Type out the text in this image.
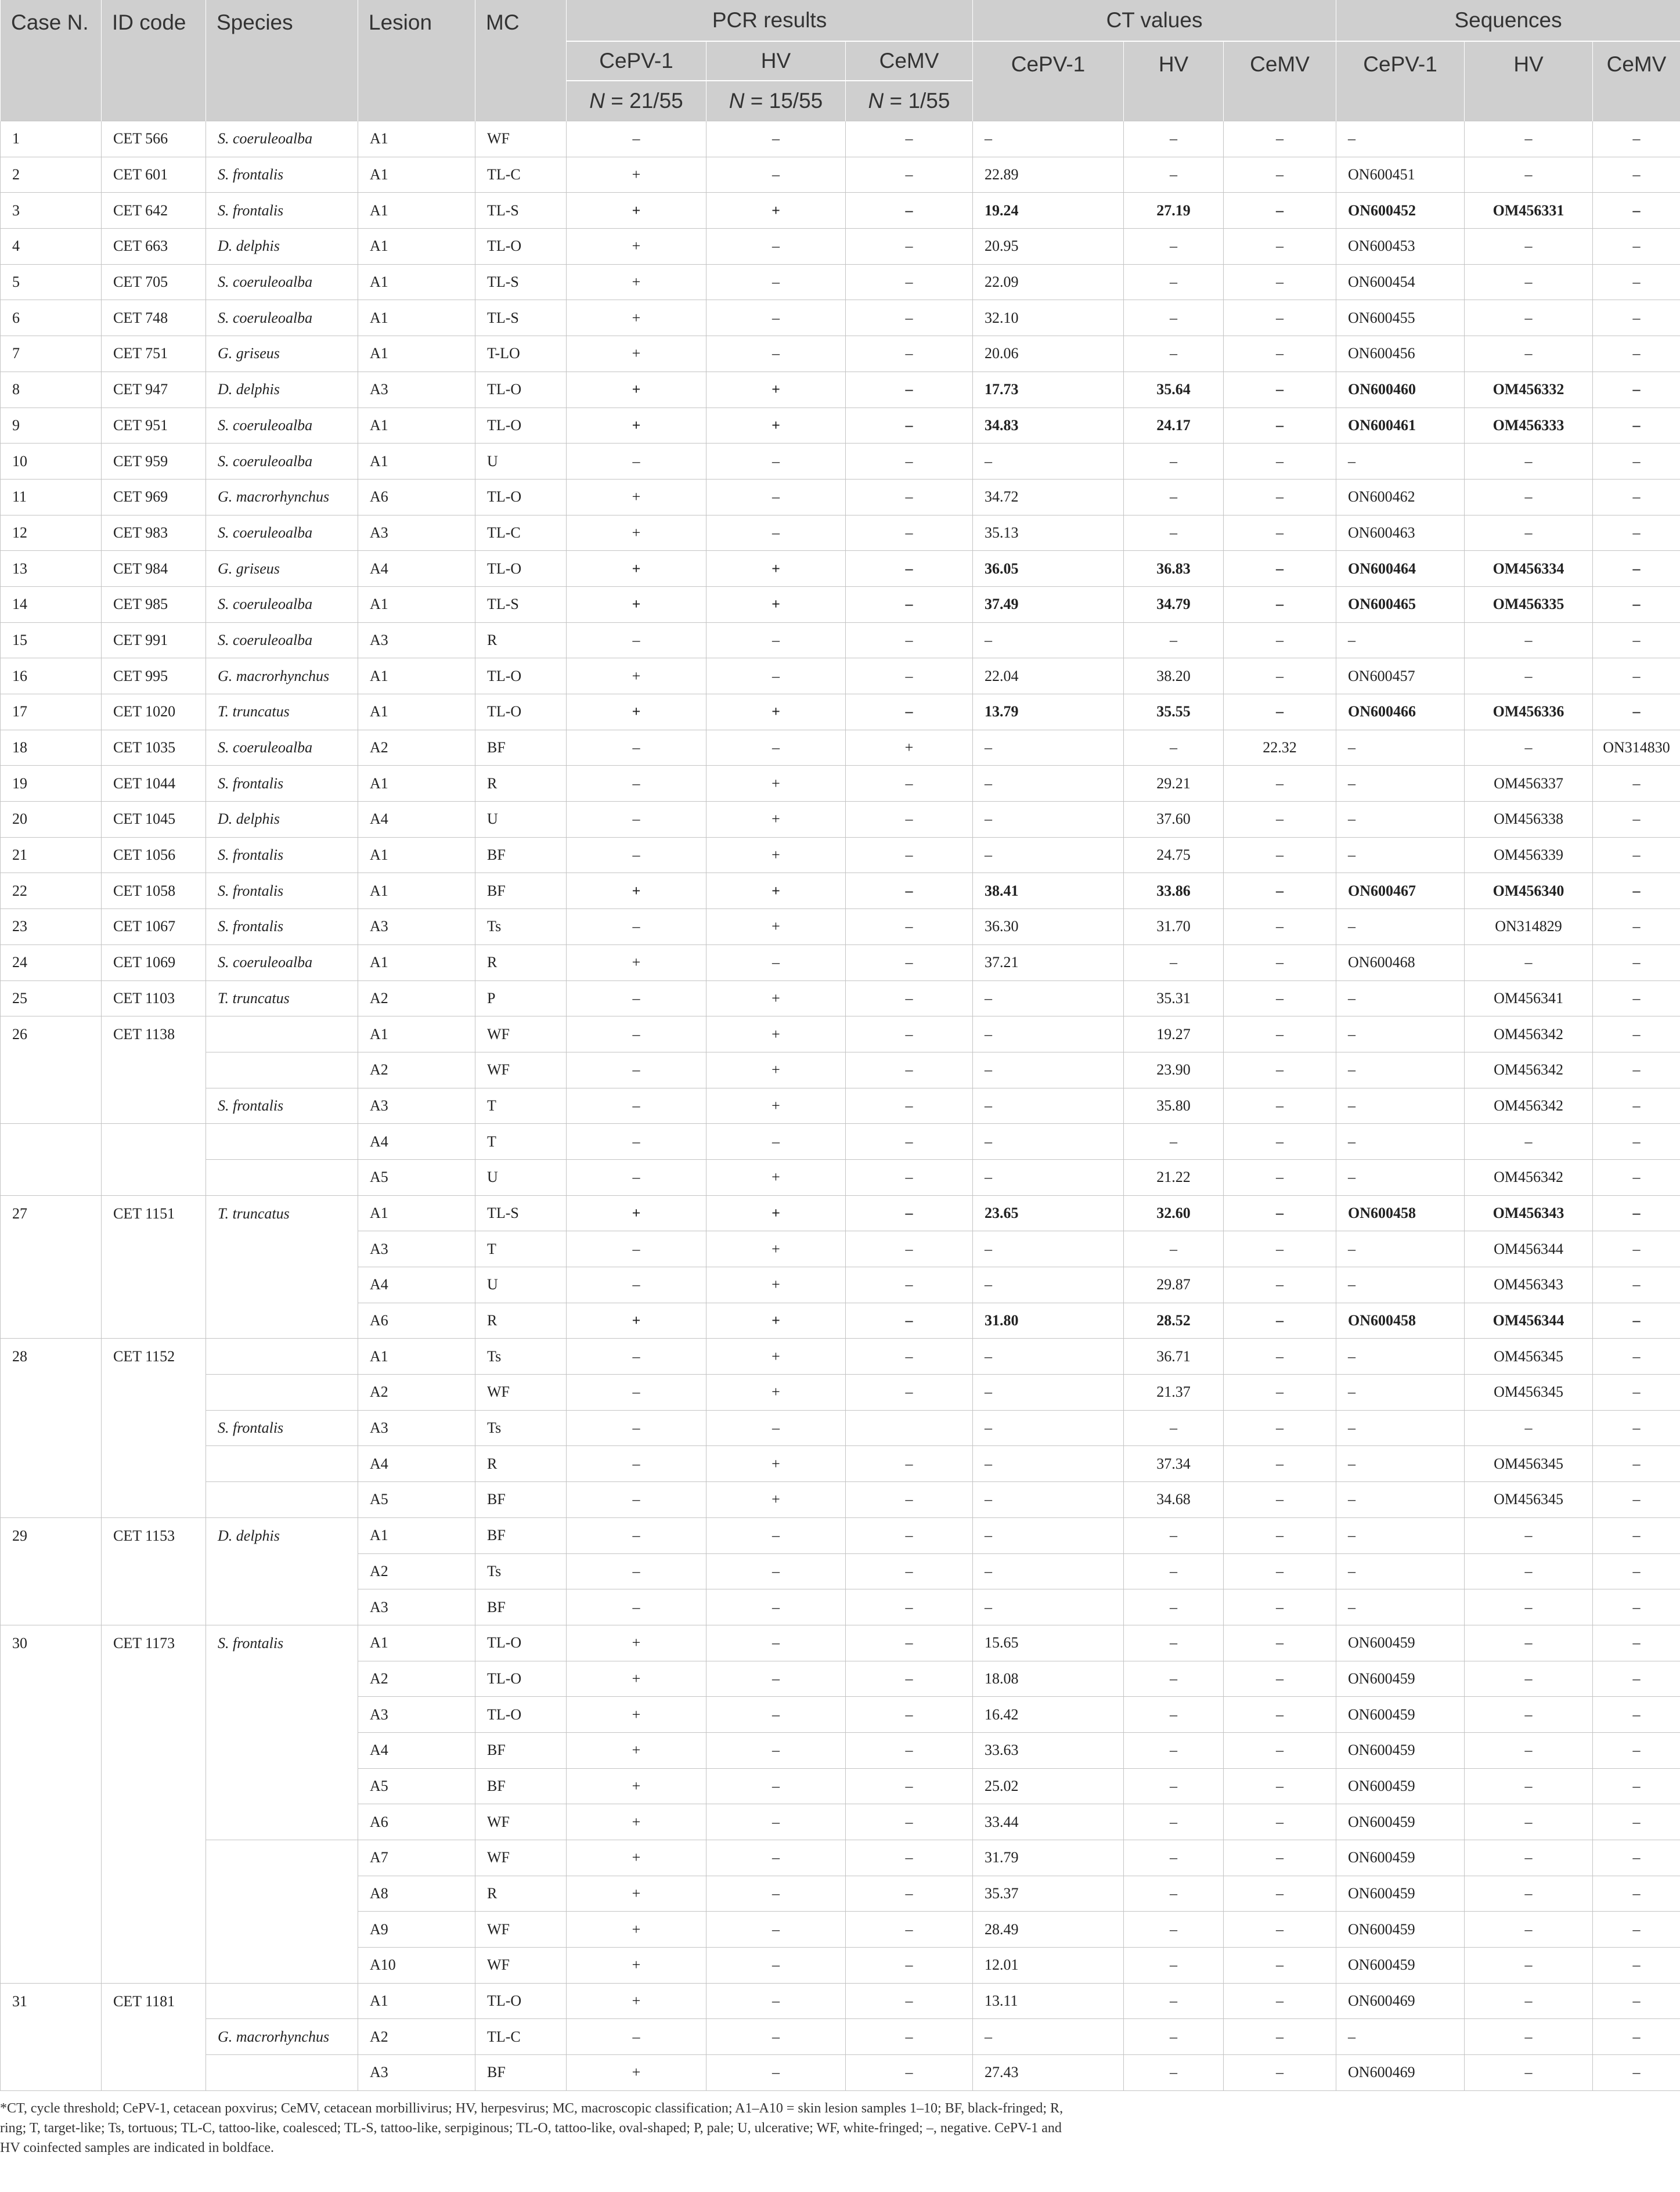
Case N.	ID code	Species	Lesion	MC	PCR results			CT values			Sequences		
					CePV-1	HV	CeMV	CePV-1	HV	CeMV	CePV-1	HV	CeMV
					N = 21/55	N = 15/55	N = 1/55						
1	CET 566	S. coeruleoalba	A1	WF	–	–	–	–	–	–	–	–	–
2	CET 601	S. frontalis	A1	TL-C	+	–	–	22.89	–	–	ON600451	–	–
3	CET 642	S. frontalis	A1	TL-S	+	+	–	19.24	27.19	–	ON600452	OM456331	–
4	CET 663	D. delphis	A1	TL-O	+	–	–	20.95	–	–	ON600453	–	–
5	CET 705	S. coeruleoalba	A1	TL-S	+	–	–	22.09	–	–	ON600454	–	–
6	CET 748	S. coeruleoalba	A1	TL-S	+	–	–	32.10	–	–	ON600455	–	–
7	CET 751	G. griseus	A1	T-LO	+	–	–	20.06	–	–	ON600456	–	–
8	CET 947	D. delphis	A3	TL-O	+	+	–	17.73	35.64	–	ON600460	OM456332	–
9	CET 951	S. coeruleoalba	A1	TL-O	+	+	–	34.83	24.17	–	ON600461	OM456333	–
10	CET 959	S. coeruleoalba	A1	U	–	–	–	–	–	–	–	–	–
11	CET 969	G. macrorhynchus	A6	TL-O	+	–	–	34.72	–	–	ON600462	–	–
12	CET 983	S. coeruleoalba	A3	TL-C	+	–	–	35.13	–	–	ON600463	–	–
13	CET 984	G. griseus	A4	TL-O	+	+	–	36.05	36.83	–	ON600464	OM456334	–
14	CET 985	S. coeruleoalba	A1	TL-S	+	+	–	37.49	34.79	–	ON600465	OM456335	–
15	CET 991	S. coeruleoalba	A3	R	–	–	–	–	–	–	–	–	–
16	CET 995	G. macrorhynchus	A1	TL-O	+	–	–	22.04	38.20	–	ON600457	–	–
17	CET 1020	T. truncatus	A1	TL-O	+	+	–	13.79	35.55	–	ON600466	OM456336	–
18	CET 1035	S. coeruleoalba	A2	BF	–	–	+	–	–	22.32	–	–	ON314830
19	CET 1044	S. frontalis	A1	R	–	+	–	–	29.21	–	–	OM456337	–
20	CET 1045	D. delphis	A4	U	–	+	–	–	37.60	–	–	OM456338	–
21	CET 1056	S. frontalis	A1	BF	–	+	–	–	24.75	–	–	OM456339	–
22	CET 1058	S. frontalis	A1	BF	+	+	–	38.41	33.86	–	ON600467	OM456340	–
23	CET 1067	S. frontalis	A3	Ts	–	+	–	36.30	31.70	–	–	ON314829	–
24	CET 1069	S. coeruleoalba	A1	R	+	–	–	37.21	–	–	ON600468	–	–
25	CET 1103	T. truncatus	A2	P	–	+	–	–	35.31	–	–	OM456341	–
26	CET 1138		A1	WF	–	+	–	–	19.27	–	–	OM456342	–
			A2	WF	–	+	–	–	23.90	–	–	OM456342	–
		S. frontalis	A3	T	–	+	–	–	35.80	–	–	OM456342	–
			A4	T	–	–	–	–	–	–	–	–	–
			A5	U	–	+	–	–	21.22	–	–	OM456342	–
27	CET 1151	T. truncatus	A1	TL-S	+	+	–	23.65	32.60	–	ON600458	OM456343	–
			A3	T	–	+	–	–	–	–	–	OM456344	–
			A4	U	–	+	–	–	29.87	–	–	OM456343	–
			A6	R	+	+	–	31.80	28.52	–	ON600458	OM456344	–
28	CET 1152		A1	Ts	–	+	–	–	36.71	–	–	OM456345	–
			A2	WF	–	+	–	–	21.37	–	–	OM456345	–
		S. frontalis	A3	Ts	–	–		–	–	–	–	–	–
			A4	R	–	+	–	–	37.34	–	–	OM456345	–
			A5	BF	–	+	–	–	34.68	–	–	OM456345	–
29	CET 1153	D. delphis	A1	BF	–	–	–	–	–	–	–	–	–
			A2	Ts	–	–	–	–	–	–	–	–	–
			A3	BF	–	–	–	–	–	–	–	–	–
30	CET 1173	S. frontalis	A1	TL-O	+	–	–	15.65	–	–	ON600459	–	–
			A2	TL-O	+	–	–	18.08	–	–	ON600459	–	–
			A3	TL-O	+	–	–	16.42	–	–	ON600459	–	–
			A4	BF	+	–	–	33.63	–	–	ON600459	–	–
			A5	BF	+	–	–	25.02	–	–	ON600459	–	–
			A6	WF	+	–	–	33.44	–	–	ON600459	–	–
			A7	WF	+	–	–	31.79	–	–	ON600459	–	–
			A8	R	+	–	–	35.37	–	–	ON600459	–	–
			A9	WF	+	–	–	28.49	–	–	ON600459	–	–
			A10	WF	+	–	–	12.01	–	–	ON600459	–	–
31	CET 1181		A1	TL-O	+	–	–	13.11	–	–	ON600469	–	–
		G. macrorhynchus	A2	TL-C	–	–	–	–	–	–	–	–	–
			A3	BF	+	–	–	27.43	–	–	ON600469	–	–

*CT, cycle threshold; CePV-1, cetacean poxvirus; CeMV, cetacean morbillivirus; HV, herpesvirus; MC, macroscopic classification; A1–A10 = skin lesion samples 1–10; BF, black-fringed; R,
ring; T, target-like; Ts, tortuous; TL-C, tattoo-like, coalesced; TL-S, tattoo-like, serpiginous; TL-O, tattoo-like, oval-shaped; P, pale; U, ulcerative; WF, white-fringed; –, negative. CePV-1 and
HV coinfected samples are indicated in boldface.
